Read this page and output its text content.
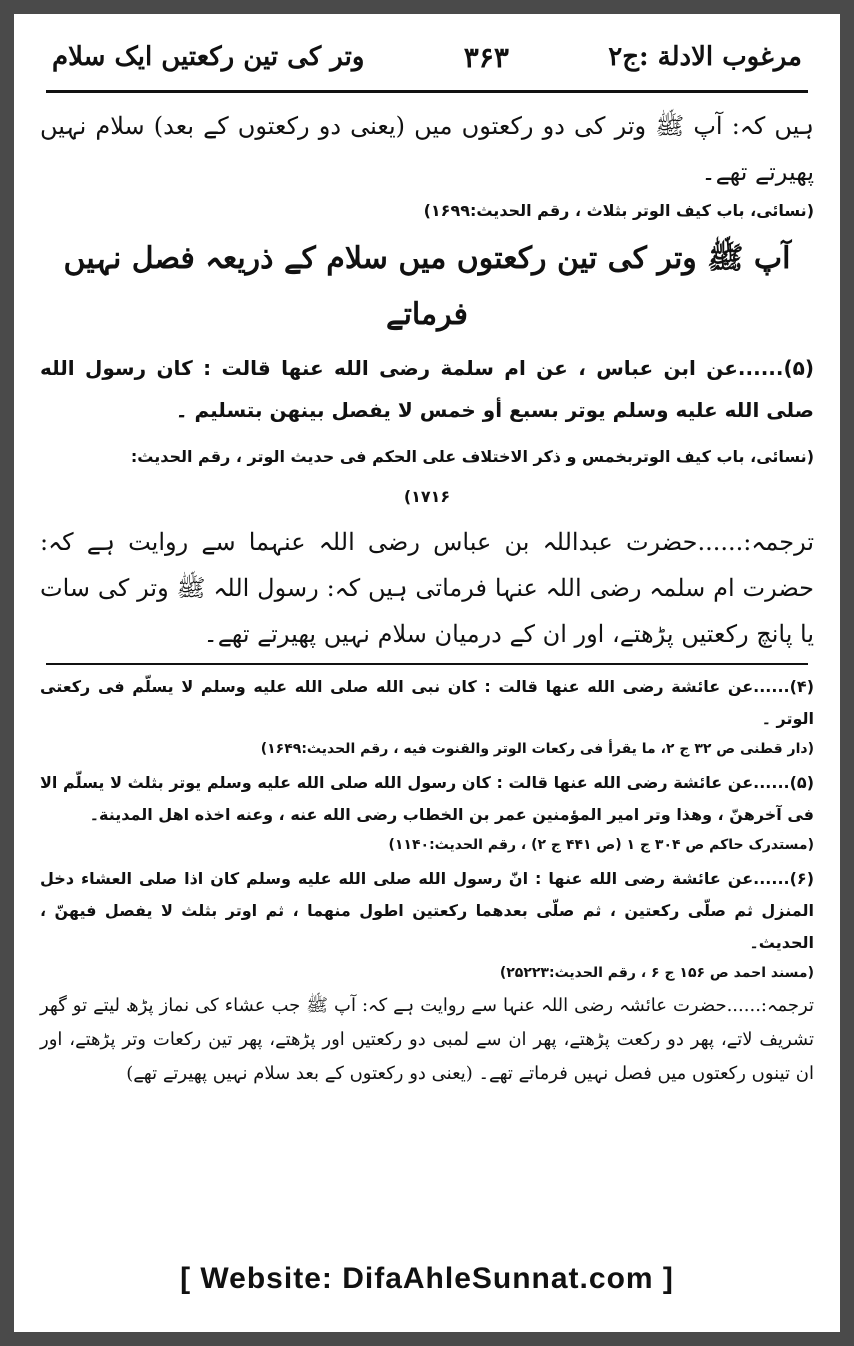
مرغوب الادلة :ج۲
۳۶۳
وتر کی تین رکعتیں ایک سلام

ہیں کہ: آپ ﷺ وتر کی دو رکعتوں میں (یعنی دو رکعتوں کے بعد) سلام نہیں پھیرتے تھے۔

(نسائی، باب کیف الوتر بثلاث ، رقم الحدیث:۱۶۹۹)

آپ ﷺ وتر کی تین رکعتوں میں سلام کے ذریعہ فصل نہیں فرماتے

(۵)......عن ابن عباس ، عن ام سلمة رضی الله عنها قالت : کان رسول الله صلی الله علیه وسلم یوتر بسبع أو خمس لا یفصل بینهن بتسلیم ۔

(نسائی، باب کیف الوتربخمس و ذکر الاختلاف علی الحکم فی حدیث الوتر ، رقم الحدیث:

۱۷۱۶)

ترجمہ:......حضرت عبداللہ بن عباس رضی اللہ عنہما سے روایت ہے کہ: حضرت ام سلمہ رضی اللہ عنہا فرماتی ہیں کہ: رسول اللہ ﷺ وتر کی سات یا پانچ رکعتیں پڑھتے، اور ان کے درمیان سلام نہیں پھیرتے تھے۔

(۴)......عن عائشة رضی الله عنها قالت : کان نبی الله صلی الله علیه وسلم لا یسلّم فی رکعتی الوتر ۔

(دار قطنی ص ۳۲ ج ۲، ما یقرأ فی رکعات الوتر والقنوت فیه ، رقم الحدیث:۱۶۴۹)

(۵)......عن عائشة رضی الله عنها قالت : کان رسول الله صلی الله علیه وسلم یوتر بثلث لا یسلّم الا فی آخرهنّ ، وهذا وتر امیر المؤمنین عمر بن الخطاب رضی الله عنه ، وعنه اخذه اهل المدینة۔

(مستدرک حاکم ص ۳۰۴ ج ۱ (ص ۴۴۱ ج ۲) ، رقم الحدیث:۱۱۴۰)

(۶)......عن عائشة رضی الله عنها : انّ رسول الله صلی الله علیه وسلم کان اذا صلی العشاء دخل المنزل ثم صلّی رکعتین ، ثم صلّی بعدهما رکعتین اطول منهما ، ثم اوتر بثلث لا یفصل فیهنّ ، الحدیث۔

(مسند احمد ص ۱۵۶ ج ۶ ، رقم الحدیث:۲۵۲۲۳)

ترجمہ:......حضرت عائشہ رضی اللہ عنہا سے روایت ہے کہ: آپ ﷺ جب عشاء کی نماز پڑھ لیتے تو گھر تشریف لاتے، پھر دو رکعت پڑھتے، پھر ان سے لمبی دو رکعتیں اور پڑھتے، پھر تین رکعات وتر پڑھتے، اور ان تینوں رکعتوں میں فصل نہیں فرماتے تھے۔ (یعنی دو رکعتوں کے بعد سلام نہیں پھیرتے تھے)

[ Website: DifaAhleSunnat.com ]
